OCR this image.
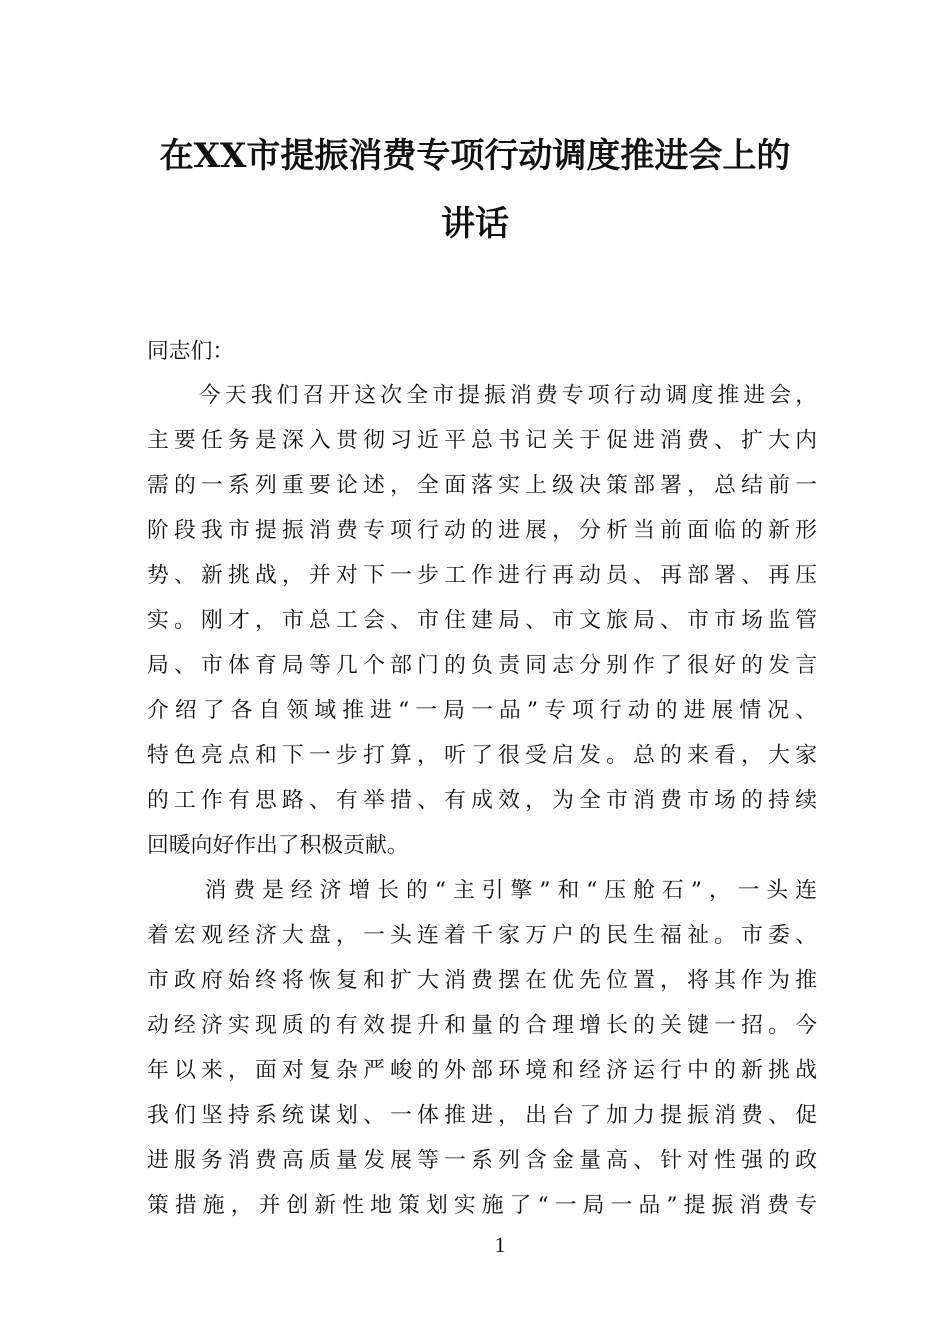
在XX市提振消费专项行动调度推进会上的
讲话
同志们：
　　今天我们召开这次全市提振消费专项行动调度推进会，
主要任务是深入贯彻习近平总书记关于促进消费、扩大内
需的一系列重要论述，全面落实上级决策部署，总结前一
阶段我市提振消费专项行动的进展，分析当前面临的新形
势、新挑战，并对下一步工作进行再动员、再部署、再压
实。刚才，市总工会、市住建局、市文旅局、市市场监管
局、市体育局等几个部门的负责同志分别作了很好的发言
介绍了各自领域推进“一局一品”专项行动的进展情况、
特色亮点和下一步打算，听了很受启发。总的来看，大家
的工作有思路、有举措、有成效，为全市消费市场的持续
回暖向好作出了积极贡献。
　　消费是经济增长的“主引擎”和“压舱石”，一头连
着宏观经济大盘，一头连着千家万户的民生福祉。市委、
市政府始终将恢复和扩大消费摆在优先位置，将其作为推
动经济实现质的有效提升和量的合理增长的关键一招。今
年以来，面对复杂严峻的外部环境和经济运行中的新挑战
我们坚持系统谋划、一体推进，出台了加力提振消费、促
进服务消费高质量发展等一系列含金量高、针对性强的政
策措施，并创新性地策划实施了“一局一品”提振消费专
1
